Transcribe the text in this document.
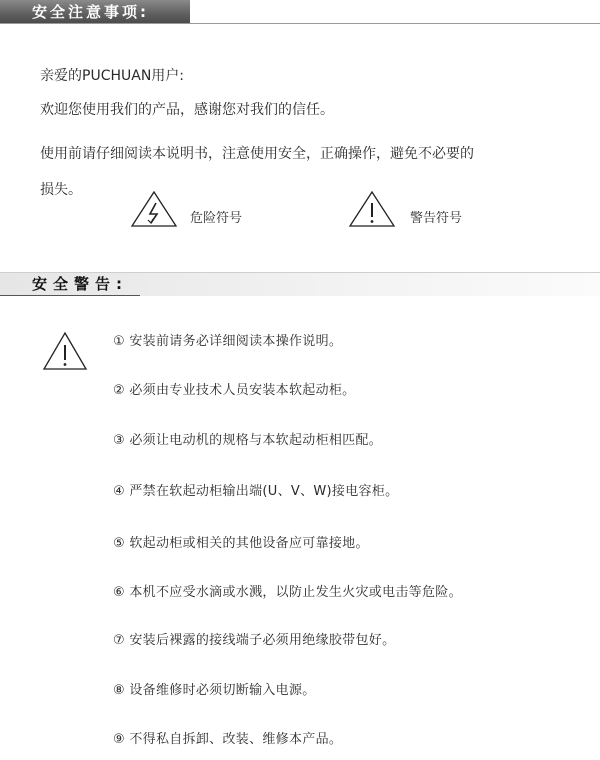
安全注意事项:
亲爱的PUCHUAN用户:
欢迎您使用我们的产品，感谢您对我们的信任。
使用前请仔细阅读本说明书，注意使用安全，正确操作，避免不必要的
损失。
危险符号	警告符号
安全警告:
① 安装前请务必详细阅读本操作说明。
② 必须由专业技术人员安装本软起动柜。
③ 必须让电动机的规格与本软起动柜相匹配。
④ 严禁在软起动柜输出端(U、V、W)接电容柜。
⑤ 软起动柜或相关的其他设备应可靠接地。
⑥ 本机不应受水滴或水溅，以防止发生火灾或电击等危险。
⑦ 安装后裸露的接线端子必须用绝缘胶带包好。
⑧ 设备维修时必须切断输入电源。
⑨ 不得私自拆卸、改装、维修本产品。
